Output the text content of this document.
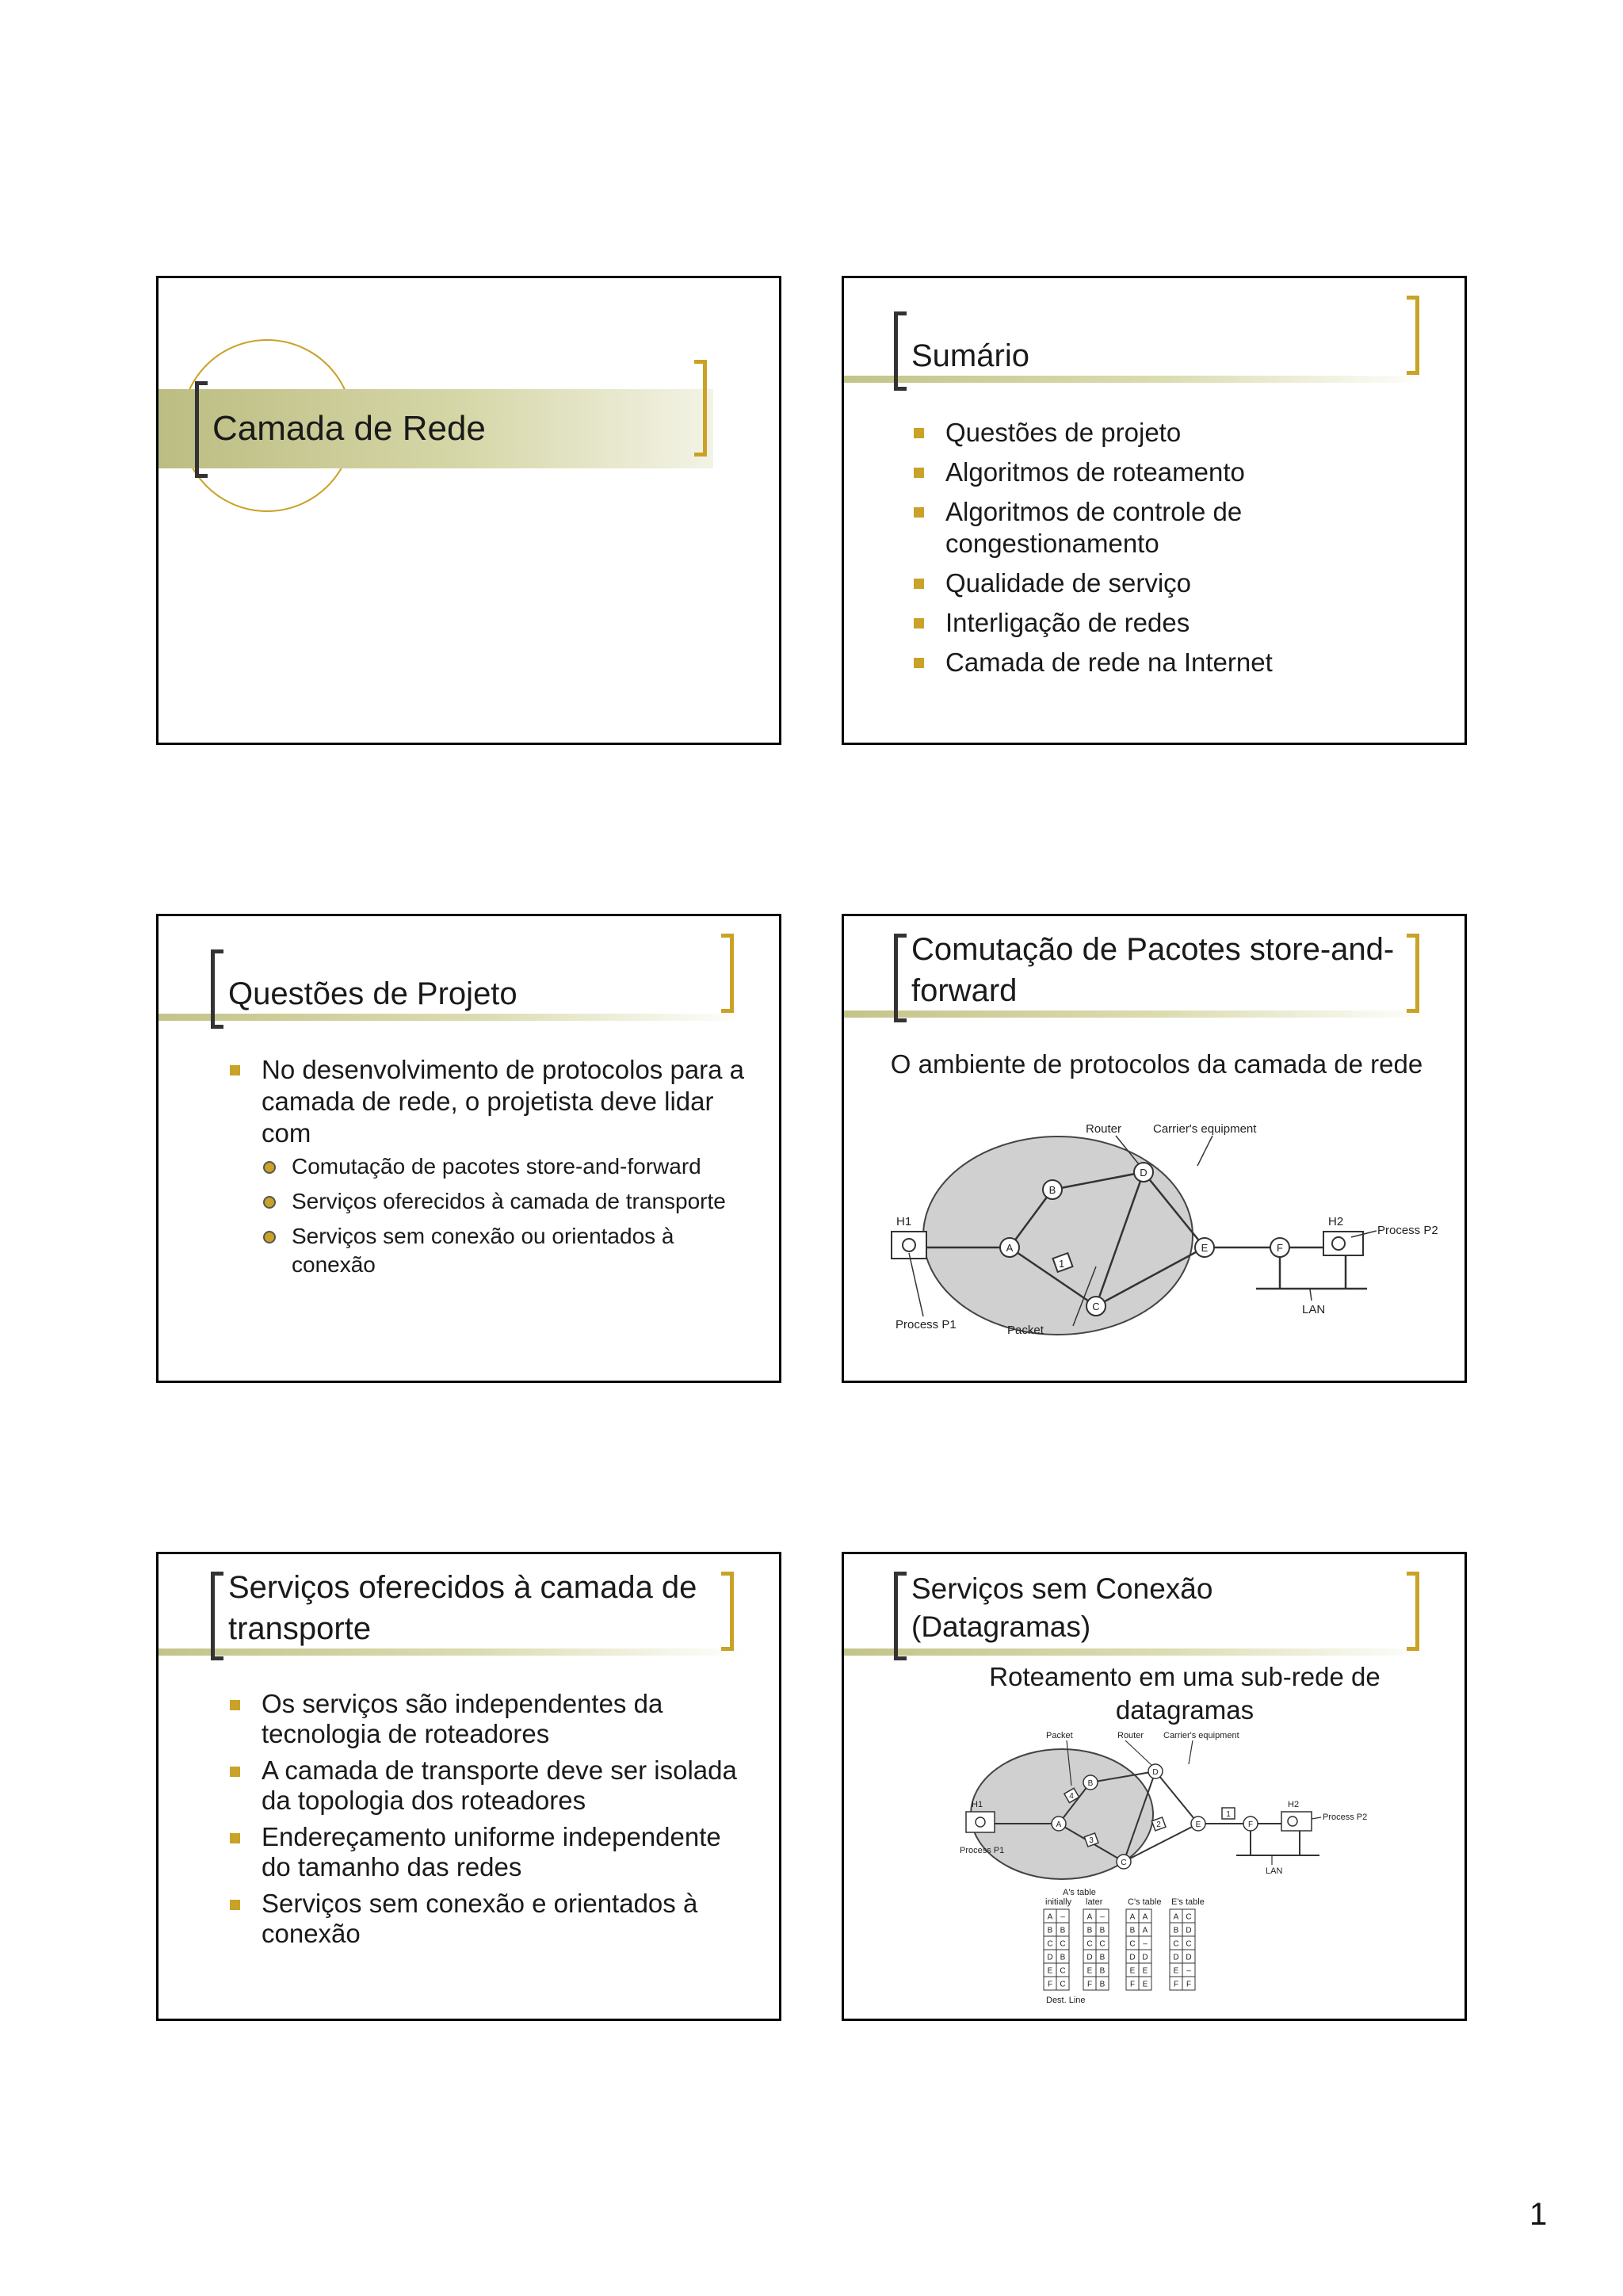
Camada de Rede
Sumário
Questões de projeto
Algoritmos de roteamento
Algoritmos de controle de congestionamento
Qualidade de serviço
Interligação de redes
Camada de rede na Internet
Questões de Projeto
No desenvolvimento de protocolos para a camada de rede, o projetista deve lidar com
Comutação de pacotes store-and-forward
Serviços oferecidos à camada de transporte
Serviços sem conexão ou orientados à conexão
Comutação de Pacotes store-and-forward
O ambiente de protocolos da camada de rede
1
A
B
C
D
E	F
Router	Carrier's equipment
H1	H2
Process P2
Process P1	Packet
LAN
Serviços oferecidos à camada de transporte
Os serviços são independentes da tecnologia de roteadores
A camada de transporte deve ser isolada da topologia dos roteadores
Endereçamento uniforme independente do tamanho das redes
Serviços sem conexão e orientados à conexão
Serviços sem Conexão (Datagramas)
Roteamento em uma sub-rede de datagramas
4
3
2
1
A
B
C
D
E	F
Packet	Router Carrier's equipment
H1	H2
Process P2
Process P1
LAN
A's table
initially later	C's table E's table
Dest. Line
A –
B B
C C
D B
E C
F C
A –
B B
C C
D B
E B
F B
A A
B A
C –
D D
E E
F E
A C
B D
C C
D D
E –
F F
1
